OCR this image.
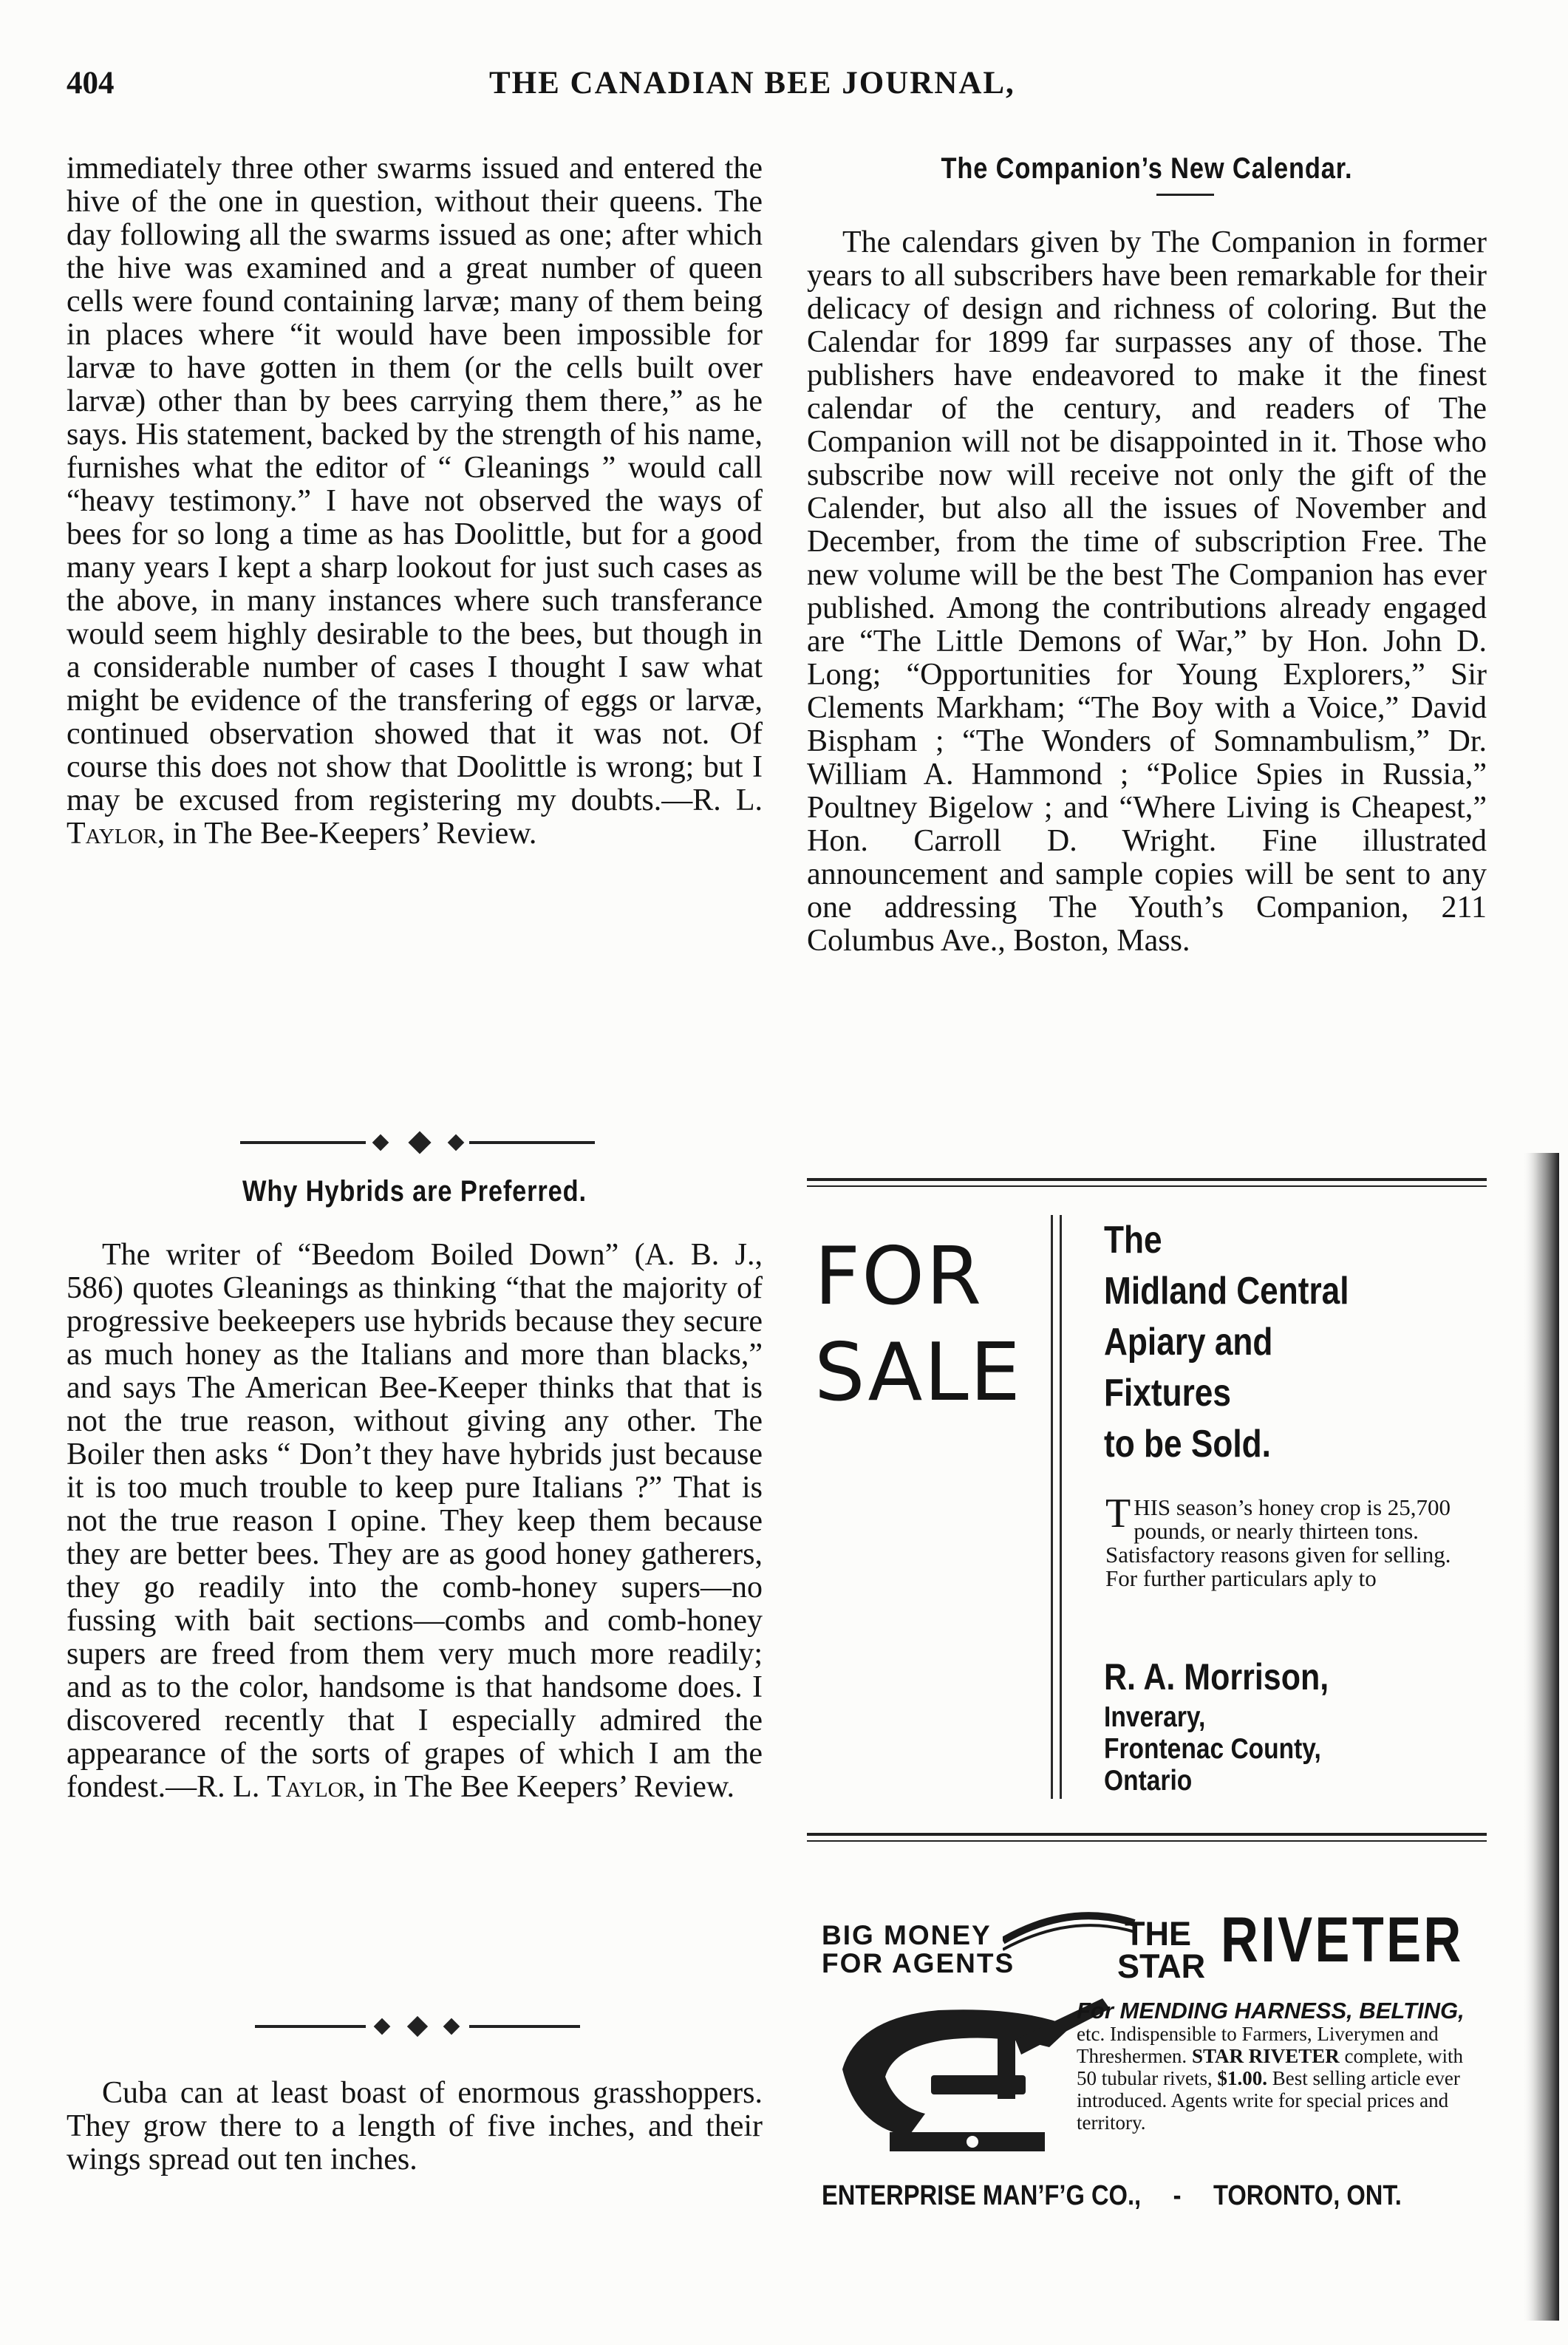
404	THE CANADIAN BEE JOURNAL,

immediately three other swarms issued and entered the hive of the one in question, without their queens. The day following all the swarms issued as one; after which the hive was examined and a great number of queen cells were found containing larvæ; many of them being in places where “it would have been impossible for larvæ to have gotten in them (or the cells built over larvæ) other than by bees carrying them there,” as he says. His statement, backed by the strength of his name, furnishes what the editor of “ Gleanings ” would call “heavy testimony.” I have not observed the ways of bees for so long a time as has Doolittle, but for a good many years I kept a sharp lookout for just such cases as the above, in many instances where such transferance would seem highly desirable to the bees, but though in a considerable number of cases I thought I saw what might be evidence of the transfering of eggs or larvæ, continued observation showed that it was not. Of course this does not show that Doolittle is wrong; but I may be excused from registering my doubts.—R. L. Taylor, in The Bee-Keepers’ Review.

Why Hybrids are Preferred.

The writer of “Beedom Boiled Down” (A. B. J., 586) quotes Gleanings as thinking “that the majority of progressive beekeepers use hybrids because they secure as much honey as the Italians and more than blacks,” and says The American Bee-Keeper thinks that that is not the true reason, without giving any other. The Boiler then asks “ Don’t they have hybrids just because it is too much trouble to keep pure Italians ?” That is not the true reason I opine. They keep them because they are better bees. They are as good honey gatherers, they go readily into the comb-honey supers—no fussing with bait sections—combs and comb-honey supers are freed from them very much more readily; and as to the color, handsome is that handsome does. I discovered recently that I especially admired the appearance of the sorts of grapes of which I am the fondest.—R. L. Taylor, in The Bee Keepers’ Review.

Cuba can at least boast of enormous grasshoppers. They grow there to a length of five inches, and their wings spread out ten inches.

The Companion’s New Calendar.

The calendars given by The Companion in former years to all subscribers have been remarkable for their delicacy of design and richness of coloring. But the Calendar for 1899 far surpasses any of those. The publishers have endeavored to make it the finest calendar of the century, and readers of The Companion will not be disappointed in it. Those who subscribe now will receive not only the gift of the Calender, but also all the issues of November and December, from the time of subscription Free. The new volume will be the best The Companion has ever published. Among the contributions already engaged are “The Little Demons of War,” by Hon. John D. Long; “Opportunities for Young Explorers,” Sir Clements Markham; “The Boy with a Voice,” David Bispham ; “The Wonders of Somnambulism,” Dr. William A. Hammond ; “Police Spies in Russia,” Poultney Bigelow ; and “Where Living is Cheapest,” Hon. Carroll D. Wright. Fine illustrated announcement and sample copies will be sent to any one addressing The Youth’s Companion, 211 Columbus Ave., Boston, Mass.

FOR
SALE
The
Midland Central
Apiary and
Fixtures
to be Sold.
THIS season’s honey crop is 25,700 pounds, or nearly thirteen tons. Satisfactory reasons given for selling. For further particulars aply to
R. A. Morrison,
Inverary,
Frontenac County,
Ontario
BIG MONEY
FOR AGENTS
THE
STAR RIVETER
For MENDING HARNESS, BELTING,
etc. Indispensible to Farmers, Liverymen and Threshermen. STAR RIVETER complete, with 50 tubular rivets, $1.00. Best selling article ever introduced. Agents write for special prices and territory.
ENTERPRISE MAN’F’G CO., - TORONTO, ONT.
